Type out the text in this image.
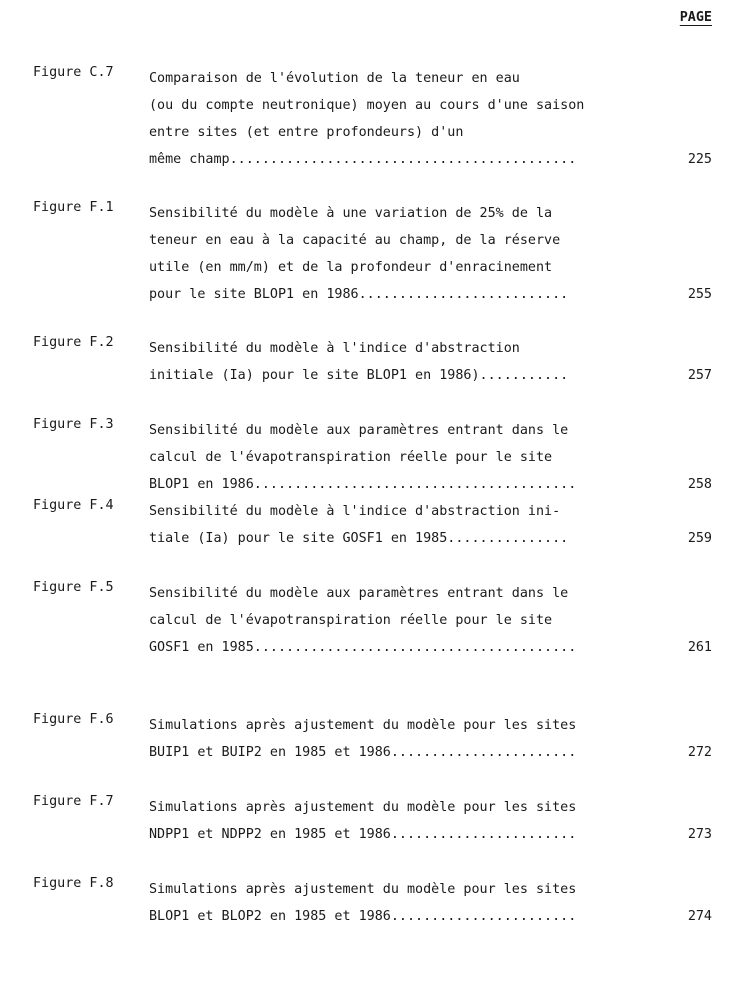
PAGE
Figure C.7	Comparaison de l'évolution de la teneur en eau
(ou du compte neutronique) moyen au cours d'une saison
entre sites (et entre profondeurs) d'un
même champ...........................................	225
Figure F.1	Sensibilité du modèle à une variation de 25% de la
teneur en eau à la capacité au champ, de la réserve
utile (en mm/m) et de la profondeur d'enracinement
pour le site BLOP1 en 1986..........................	255
Figure F.2	Sensibilité du modèle à l'indice d'abstraction
initiale (Ia) pour le site BLOP1 en 1986)...........	257
Figure F.3	Sensibilité du modèle aux paramètres entrant dans le
calcul de l'évapotranspiration réelle pour le site
BLOP1 en 1986........................................	258
Figure F.4	Sensibilité du modèle à l'indice d'abstraction ini-
tiale (Ia) pour le site GOSF1 en 1985...............	259
Figure F.5	Sensibilité du modèle aux paramètres entrant dans le
calcul de l'évapotranspiration réelle pour le site
GOSF1 en 1985........................................	261
Figure F.6	Simulations après ajustement du modèle pour les sites
BUIP1 et BUIP2 en 1985 et 1986.......................	272
Figure F.7	Simulations après ajustement du modèle pour les sites
NDPP1 et NDPP2 en 1985 et 1986.......................	273
Figure F.8	Simulations après ajustement du modèle pour les sites
BLOP1 et BLOP2 en 1985 et 1986.......................	274
